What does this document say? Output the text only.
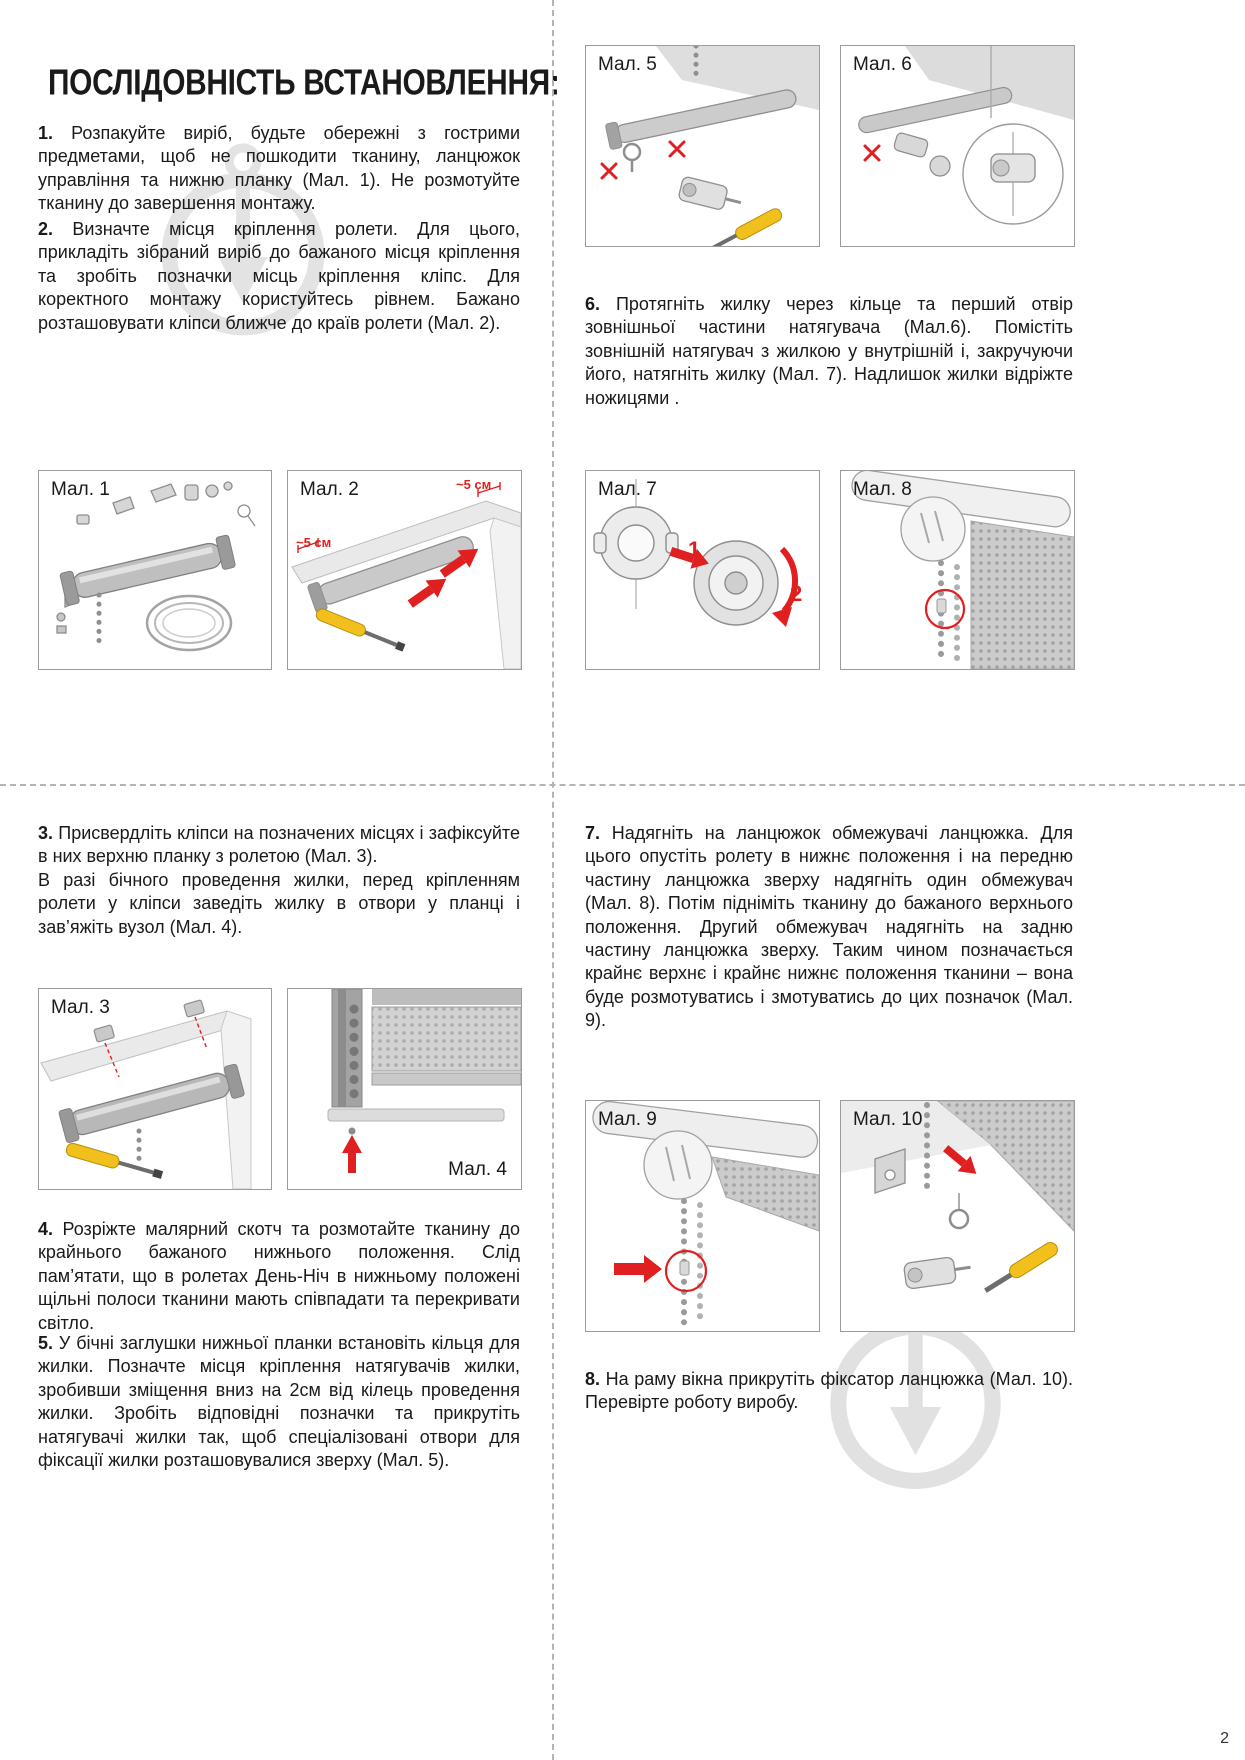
ПОСЛІДОВНІСТЬ ВСТАНОВЛЕННЯ:

1. Розпакуйте виріб, будьте обережні з гострими предметами, щоб не пошкодити тканину, ланцюжок управління та нижню планку (Мал. 1). Не розмотуйте тканину до завершення монтажу.

2. Визначте місця кріплення ролети. Для цього, прикладіть зібраний виріб до бажаного місця кріплення та зробіть позначки місць кріплення кліпс. Для коректного монтажу користуйтесь рівнем. Бажано розташовувати кліпси ближче до країв ролети (Мал. 2).

3. Присвердліть кліпси на позначених місцях і зафіксуйте в них верхню планку з ролетою (Мал. 3).

В разі бічного проведення жилки, перед кріпленням ролети у кліпси заведіть жилку в отвори у планці і зав’яжіть вузол (Мал. 4).

4. Розріжте малярний скотч та розмотайте тканину до крайнього бажаного нижнього положення. Слід пам’ятати, що в ролетах День-Ніч в нижньому положені щільні полоси тканини мають співпадати та перекривати світло.

5. У бічні заглушки нижньої планки встановіть кільця для жилки. Позначте місця кріплення натягувачів жилки, зробивши зміщення вниз на 2см від кілець проведення жилки. Зробіть відповідні позначки та прикрутіть натягувачі жилки так, щоб спеціалізовані отвори для фіксації жилки розташовувалися зверху (Мал. 5).

6. Протягніть жилку через кільце та перший отвір зовнішньої частини натягувача (Мал.6). Помістіть зовнішній натягувач з жилкою у внутрішній і, закручуючи його, натягніть жилку (Мал. 7). Надлишок жилки відріжте ножицями .

7. Надягніть на ланцюжок обмежувачі ланцюжка. Для цього опустіть ролету в нижнє положення і на передню частину ланцюжка зверху надягніть один обмежувач (Мал. 8). Потім підніміть тканину до бажаного верхнього положення. Другий обмежувач надягніть на задню частину ланцюжка зверху. Таким чином позначається крайнє верхнє і крайнє нижнє положення тканини – вона буде розмотуватись і змотуватись до цих позначок (Мал. 9).

8. На раму вікна прикрутіть фіксатор ланцюжка (Мал. 10). Перевірте роботу виробу.

Мал. 1	~5 см
~5 см
Мал. 2
Мал. 3
Мал. 4
Мал. 5	Мал. 6
1
2
Мал. 7	Мал. 8
Мал. 9	Мал. 10
2
